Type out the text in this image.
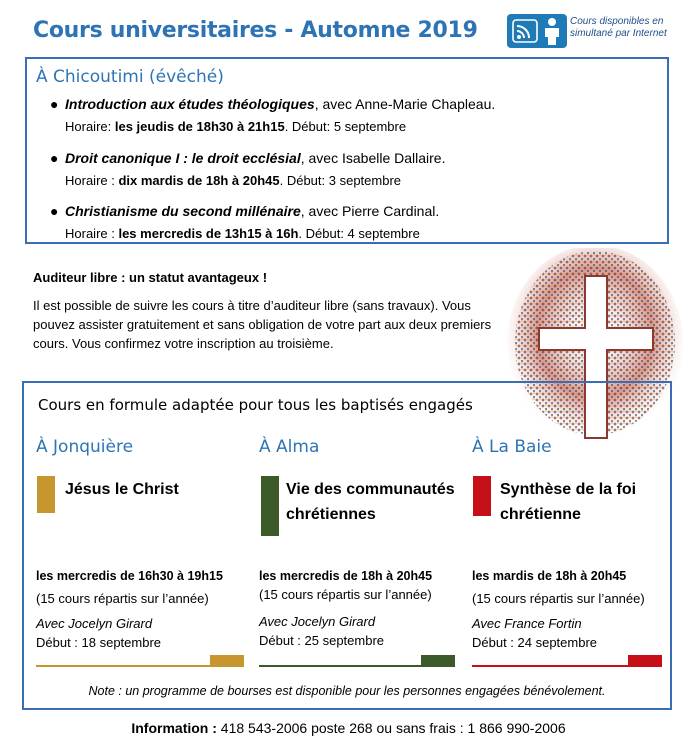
Cours universitaires - Automne 2019	Cours disponibles en simultané par Internet
À Chicoutimi (évêché)
● Introduction aux études théologiques, avec Anne-Marie Chapleau.
Horaire: les jeudis de 18h30 à 21h15. Début: 5 septembre
● Droit canonique I : le droit ecclésial, avec Isabelle Dallaire.
Horaire : dix mardis de 18h à 20h45. Début: 3 septembre
● Christianisme du second millénaire, avec Pierre Cardinal.
Horaire : les mercredis de 13h15 à 16h. Début: 4 septembre
Auditeur libre : un statut avantageux !
Il est possible de suivre les cours à titre d’auditeur libre (sans travaux). Vous pouvez assister gratuitement et sans obligation de votre part aux deux premiers cours. Vous confirmez votre inscription au troisième.
Cours en formule adaptée pour tous les baptisés engagés
À Jonquière
Jésus le Christ
les mercredis de 16h30 à 19h15
(15 cours répartis sur l’année)
Avec Jocelyn Girard
Début : 18 septembre
À Alma
Vie des communautés chrétiennes
les mercredis de 18h à 20h45
(15 cours répartis sur l’année)
Avec Jocelyn Girard
Début : 25 septembre
À La Baie
Synthèse de la foi chrétienne
les mardis de 18h à 20h45
(15 cours répartis sur l’année)
Avec France Fortin
Début : 24 septembre
Note : un programme de bourses est disponible pour les personnes engagées bénévolement.
Information : 418 543-2006 poste 268 ou sans frais : 1 866 990-2006
